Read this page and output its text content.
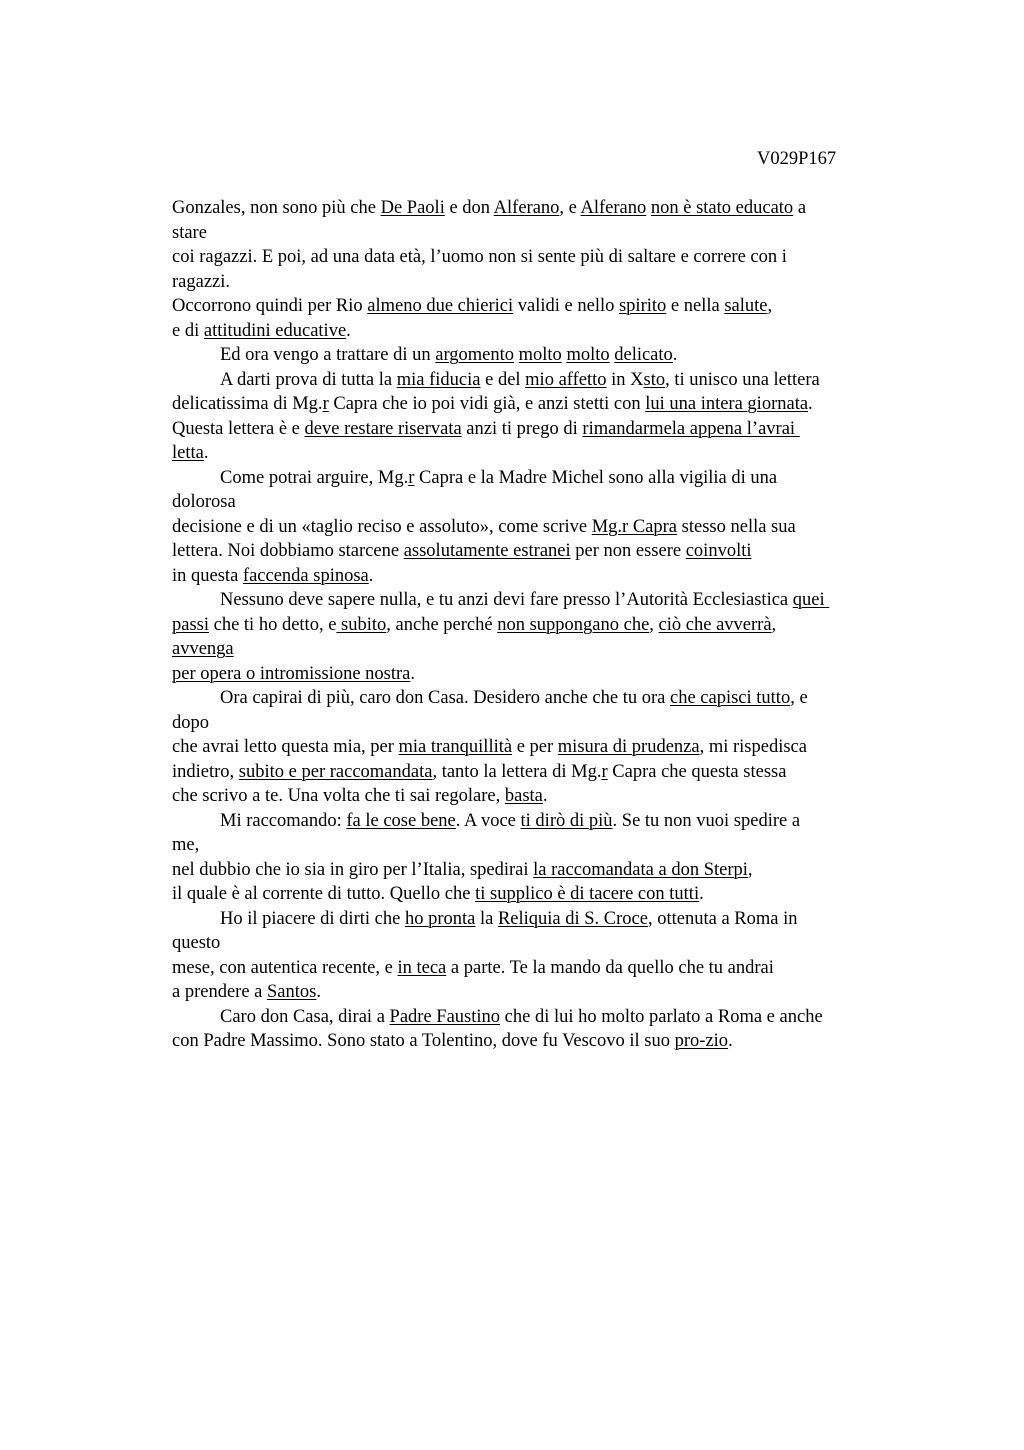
V029P167
Gonzales, non sono più che De Paoli e don Alferano, e Alferano non è stato educato a
stare
coi ragazzi. E poi, ad una data età, l’uomo non si sente più di saltare e correre con i
ragazzi.
Occorrono quindi per Rio almeno due chierici validi e nello spirito e nella salute,
e di attitudini educative.
Ed ora vengo a trattare di un argomento molto molto delicato.
A darti prova di tutta la mia fiducia e del mio affetto in Xsto, ti unisco una lettera
delicatissima di Mg.r Capra che io poi vidi già, e anzi stetti con lui una intera giornata.
Questa lettera è e deve restare riservata anzi ti prego di rimandarmela appena l’avrai
letta.
Come potrai arguire, Mg.r Capra e la Madre Michel sono alla vigilia di una
dolorosa
decisione e di un «taglio reciso e assoluto», come scrive Mg.r Capra stesso nella sua
lettera. Noi dobbiamo starcene assolutamente estranei per non essere coinvolti
in questa faccenda spinosa.
Nessuno deve sapere nulla, e tu anzi devi fare presso l’Autorità Ecclesiastica quei
passi che ti ho detto, e subito, anche perché non suppongano che, ciò che avverrà,
avvenga
per opera o intromissione nostra.
Ora capirai di più, caro don Casa. Desidero anche che tu ora che capisci tutto, e
dopo
che avrai letto questa mia, per mia tranquillità e per misura di prudenza, mi rispedisca
indietro, subito e per raccomandata, tanto la lettera di Mg.r Capra che questa stessa
che scrivo a te. Una volta che ti sai regolare, basta.
Mi raccomando: fa le cose bene. A voce ti dirò di più. Se tu non vuoi spedire a
me,
nel dubbio che io sia in giro per l’Italia, spedirai la raccomandata a don Sterpi,
il quale è al corrente di tutto. Quello che ti supplico è di tacere con tutti.
Ho il piacere di dirti che ho pronta la Reliquia di S. Croce, ottenuta a Roma in
questo
mese, con autentica recente, e in teca a parte. Te la mando da quello che tu andrai
a prendere a Santos.
Caro don Casa, dirai a Padre Faustino che di lui ho molto parlato a Roma e anche
con Padre Massimo. Sono stato a Tolentino, dove fu Vescovo il suo pro-zio.
